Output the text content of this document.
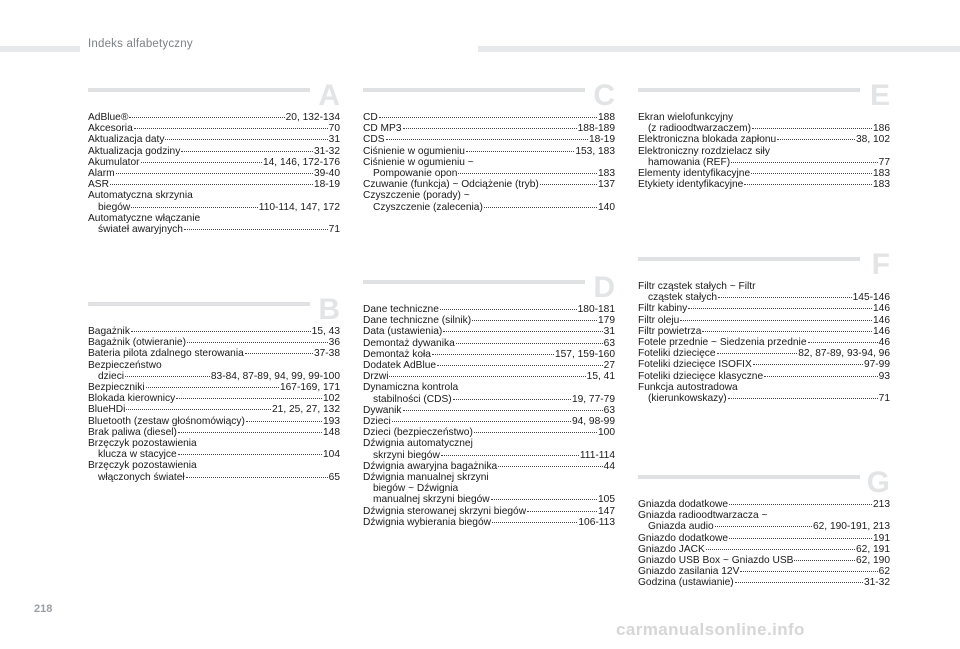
Indeks alfabetyczny
A
AdBlue®	20, 132-134
Akcesoria	70
Aktualizacja daty	31
Aktualizacja godziny	31-32
Akumulator	14, 146, 172-176
Alarm	39-40
ASR	18-19
Automatyczna skrzynia
biegów	110-114, 147, 172
Automatyczne włączanie
świateł awaryjnych	71
B
Bagażnik	15, 43
Bagażnik (otwieranie)	36
Bateria pilota zdalnego sterowania	37-38
Bezpieczeństwo
dzieci	83-84, 87-89, 94, 99, 99-100
Bezpieczniki	167-169, 171
Blokada kierownicy	102
BlueHDi	21, 25, 27, 132
Bluetooth (zestaw głośnomówiący)	193
Brak paliwa (diesel)	148
Brzęczyk pozostawienia
klucza w stacyjce	104
Brzęczyk pozostawienia
włączonych świateł	65
C
CD	188
CD MP3	188-189
CDS	18-19
Ciśnienie w ogumieniu	153, 183
Ciśnienie w ogumieniu ~
Pompowanie opon	183
Czuwanie (funkcja) ~ Odciążenie (tryb)	137
Czyszczenie (porady) ~
Czyszczenie (zalecenia)	140
D
Dane techniczne	180-181
Dane techniczne (silnik)	179
Data (ustawienia)	31
Demontaż dywanika	63
Demontaż koła	157, 159-160
Dodatek AdBlue	27
Drzwi	15, 41
Dynamiczna kontrola
stabilności (CDS)	19, 77-79
Dywanik	63
Dzieci	94, 98-99
Dzieci (bezpieczeństwo)	100
Dźwignia automatycznej
skrzyni biegów	111-114
Dźwignia awaryjna bagażnika	44
Dźwignia manualnej skrzyni
biegów ~ Dźwignia
manualnej skrzyni biegów	105
Dźwignia sterowanej skrzyni biegów	147
Dźwignia wybierania biegów	106-113
E
Ekran wielofunkcyjny
(z radioodtwarzaczem)	186
Elektroniczna blokada zapłonu	38, 102
Elektroniczny rozdzielacz siły
hamowania (REF)	77
Elementy identyfikacyjne	183
Etykiety identyfikacyjne	183
F
Filtr cząstek stałych ~ Filtr
cząstek stałych	145-146
Filtr kabiny	146
Filtr oleju	146
Filtr powietrza	146
Fotele przednie ~ Siedzenia przednie	46
Foteliki dziecięce	82, 87-89, 93-94, 96
Foteliki dziecięce ISOFIX	97-99
Foteliki dziecięce klasyczne	93
Funkcja autostradowa
(kierunkowskazy)	71
G
Gniazda dodatkowe	213
Gniazda radioodtwarzacza ~
Gniazda audio	62, 190-191, 213
Gniazdo dodatkowe	191
Gniazdo JACK	62, 191
Gniazdo USB Box ~ Gniazdo USB	62, 190
Gniazdo zasilania 12V	62
Godzina (ustawianie)	31-32
218
carmanualsonline.info
